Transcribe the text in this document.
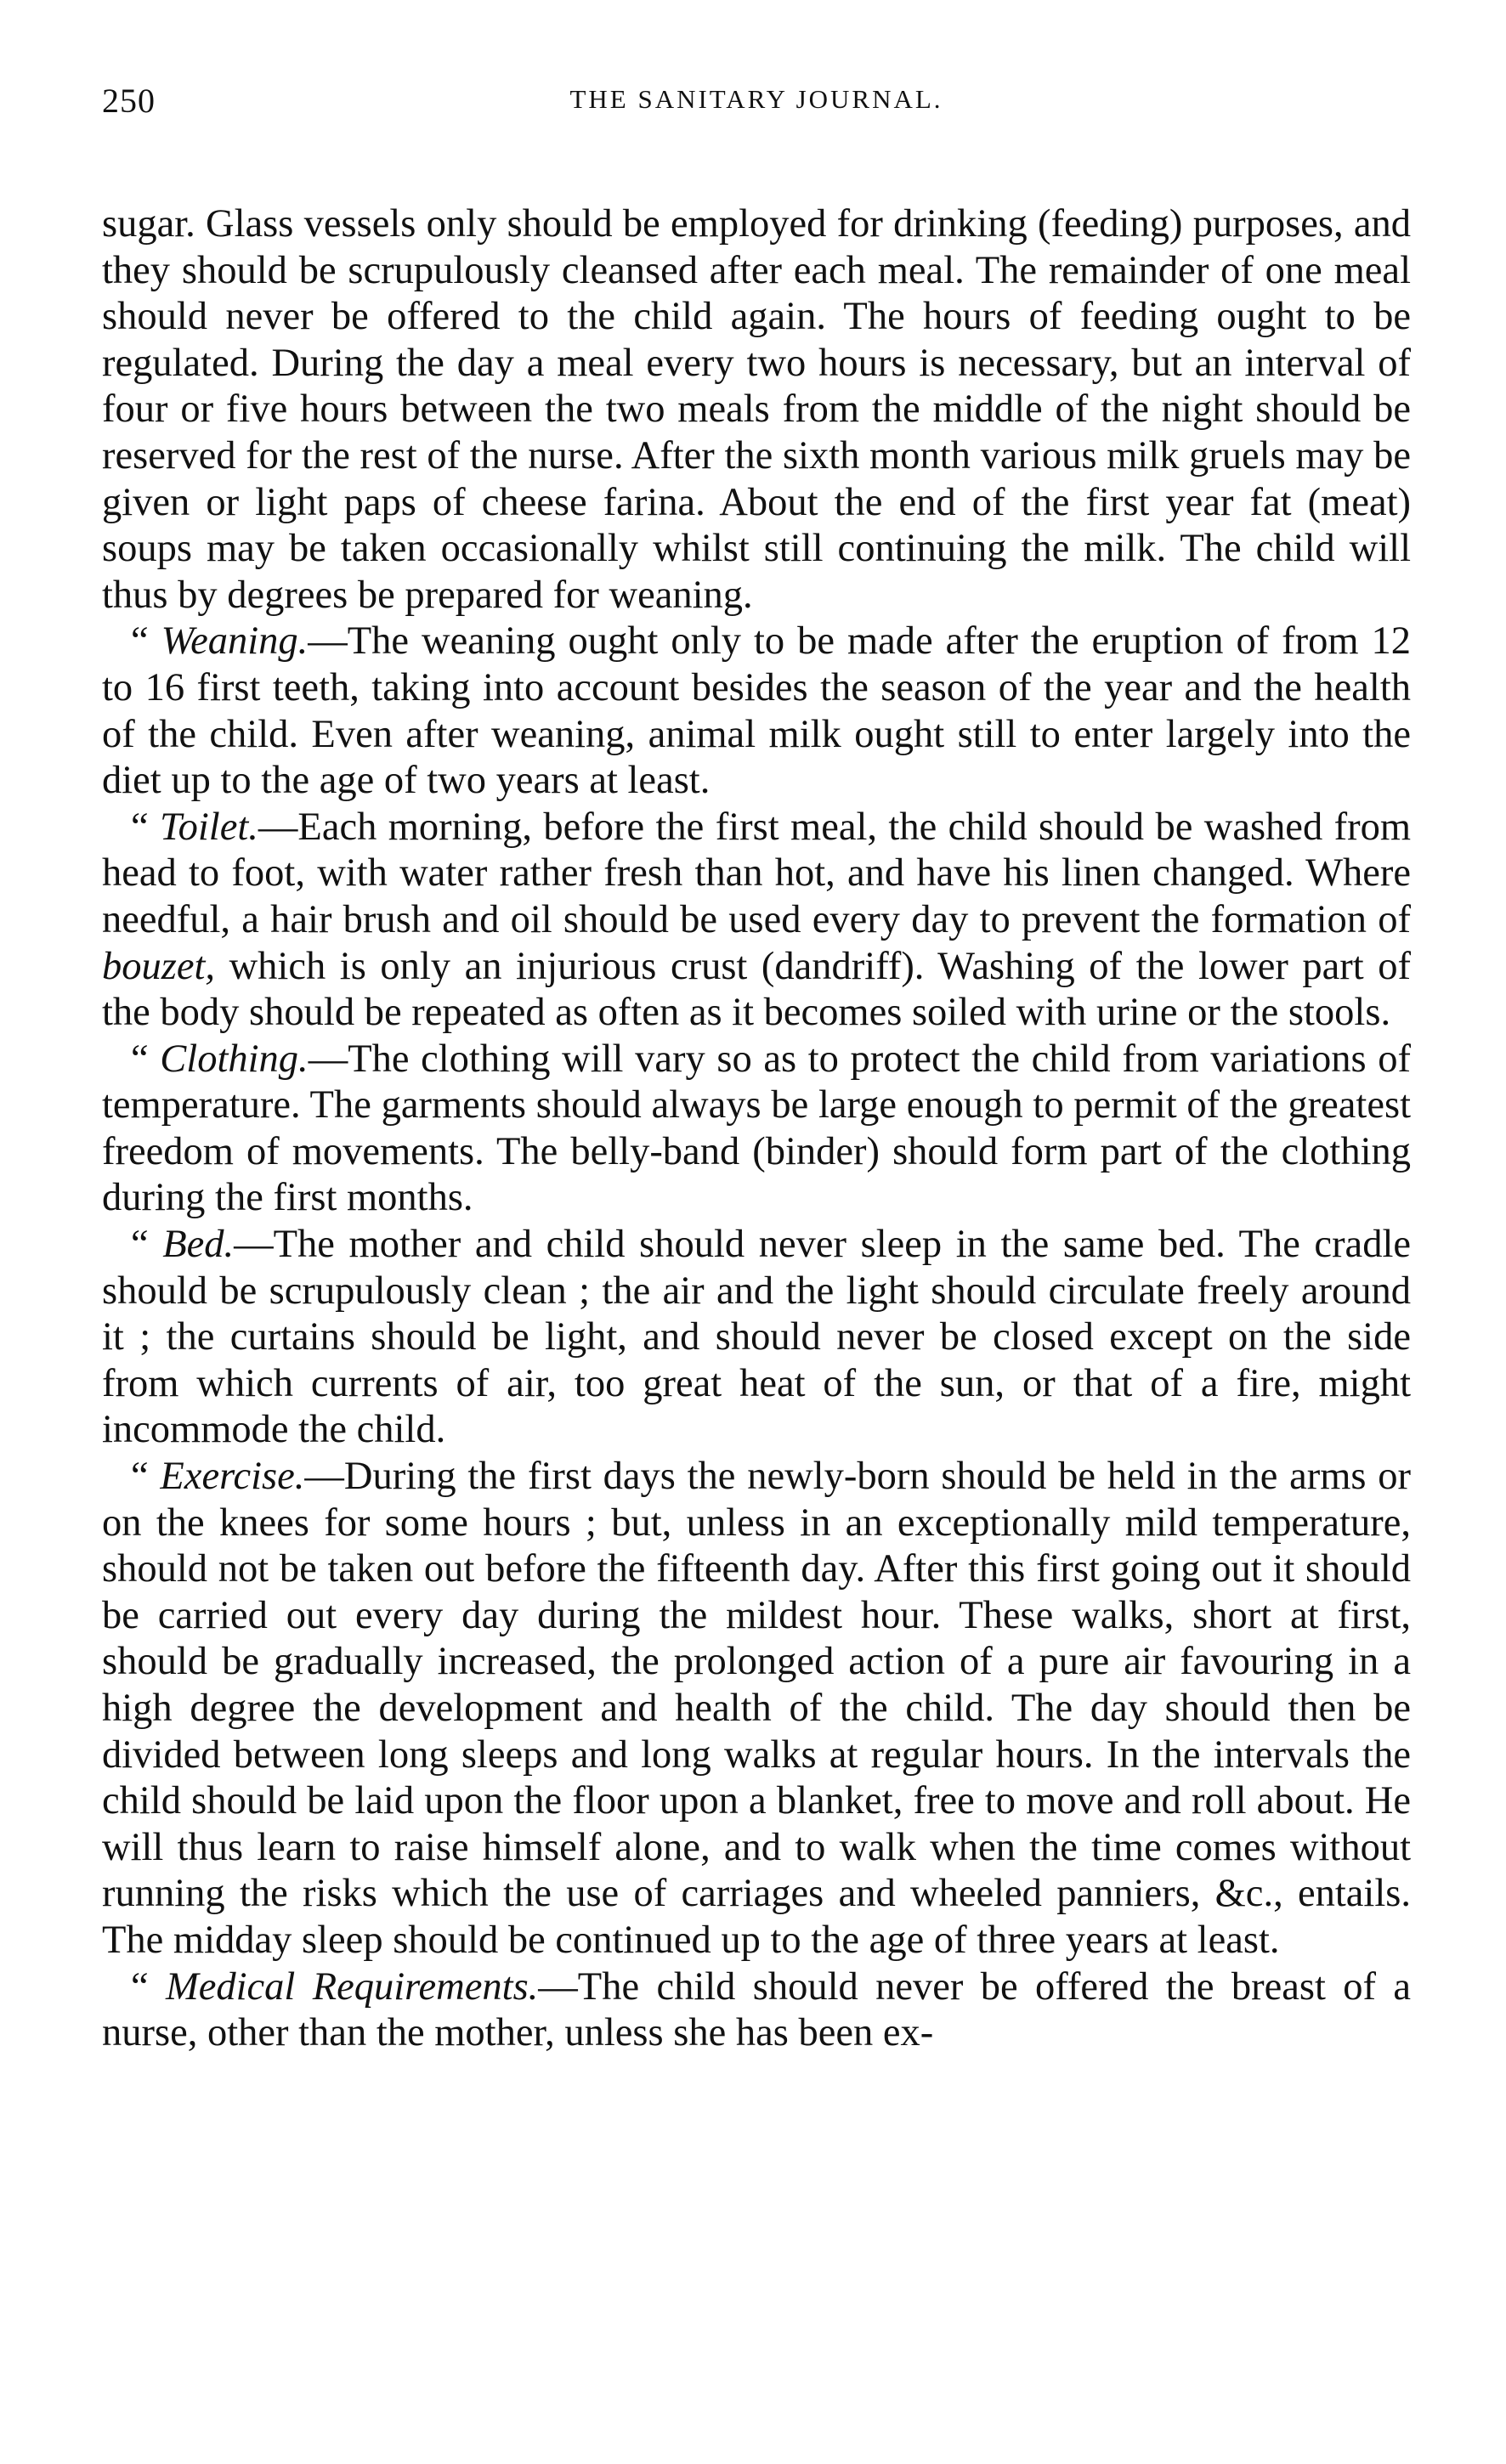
250	THE SANITARY JOURNAL.

sugar. Glass vessels only should be employed for drinking (feeding) purposes, and they should be scrupulously cleansed after each meal. The remainder of one meal should never be offered to the child again. The hours of feeding ought to be regulated. During the day a meal every two hours is necessary, but an interval of four or five hours between the two meals from the middle of the night should be reserved for the rest of the nurse. After the sixth month various milk gruels may be given or light paps of cheese farina. About the end of the first year fat (meat) soups may be taken occasionally whilst still continuing the milk. The child will thus by degrees be prepared for weaning.

“ Weaning.—The weaning ought only to be made after the eruption of from 12 to 16 first teeth, taking into account besides the season of the year and the health of the child. Even after weaning, animal milk ought still to enter largely into the diet up to the age of two years at least.

“ Toilet.—Each morning, before the first meal, the child should be washed from head to foot, with water rather fresh than hot, and have his linen changed. Where needful, a hair brush and oil should be used every day to prevent the formation of bouzet, which is only an injurious crust (dandriff). Washing of the lower part of the body should be repeated as often as it becomes soiled with urine or the stools.

“ Clothing.—The clothing will vary so as to protect the child from variations of temperature. The garments should always be large enough to permit of the greatest freedom of movements. The belly-band (binder) should form part of the clothing during the first months.

“ Bed.—The mother and child should never sleep in the same bed. The cradle should be scrupulously clean ; the air and the light should circulate freely around it ; the curtains should be light, and should never be closed except on the side from which currents of air, too great heat of the sun, or that of a fire, might incommode the child.

“ Exercise.—During the first days the newly-born should be held in the arms or on the knees for some hours ; but, unless in an exceptionally mild temperature, should not be taken out before the fifteenth day. After this first going out it should be carried out every day during the mildest hour. These walks, short at first, should be gradually increased, the prolonged action of a pure air favouring in a high degree the development and health of the child. The day should then be divided between long sleeps and long walks at regular hours. In the intervals the child should be laid upon the floor upon a blanket, free to move and roll about. He will thus learn to raise himself alone, and to walk when the time comes without running the risks which the use of carriages and wheeled panniers, &c., entails. The midday sleep should be continued up to the age of three years at least.

“ Medical Requirements.—The child should never be offered the breast of a nurse, other than the mother, unless she has been ex-
